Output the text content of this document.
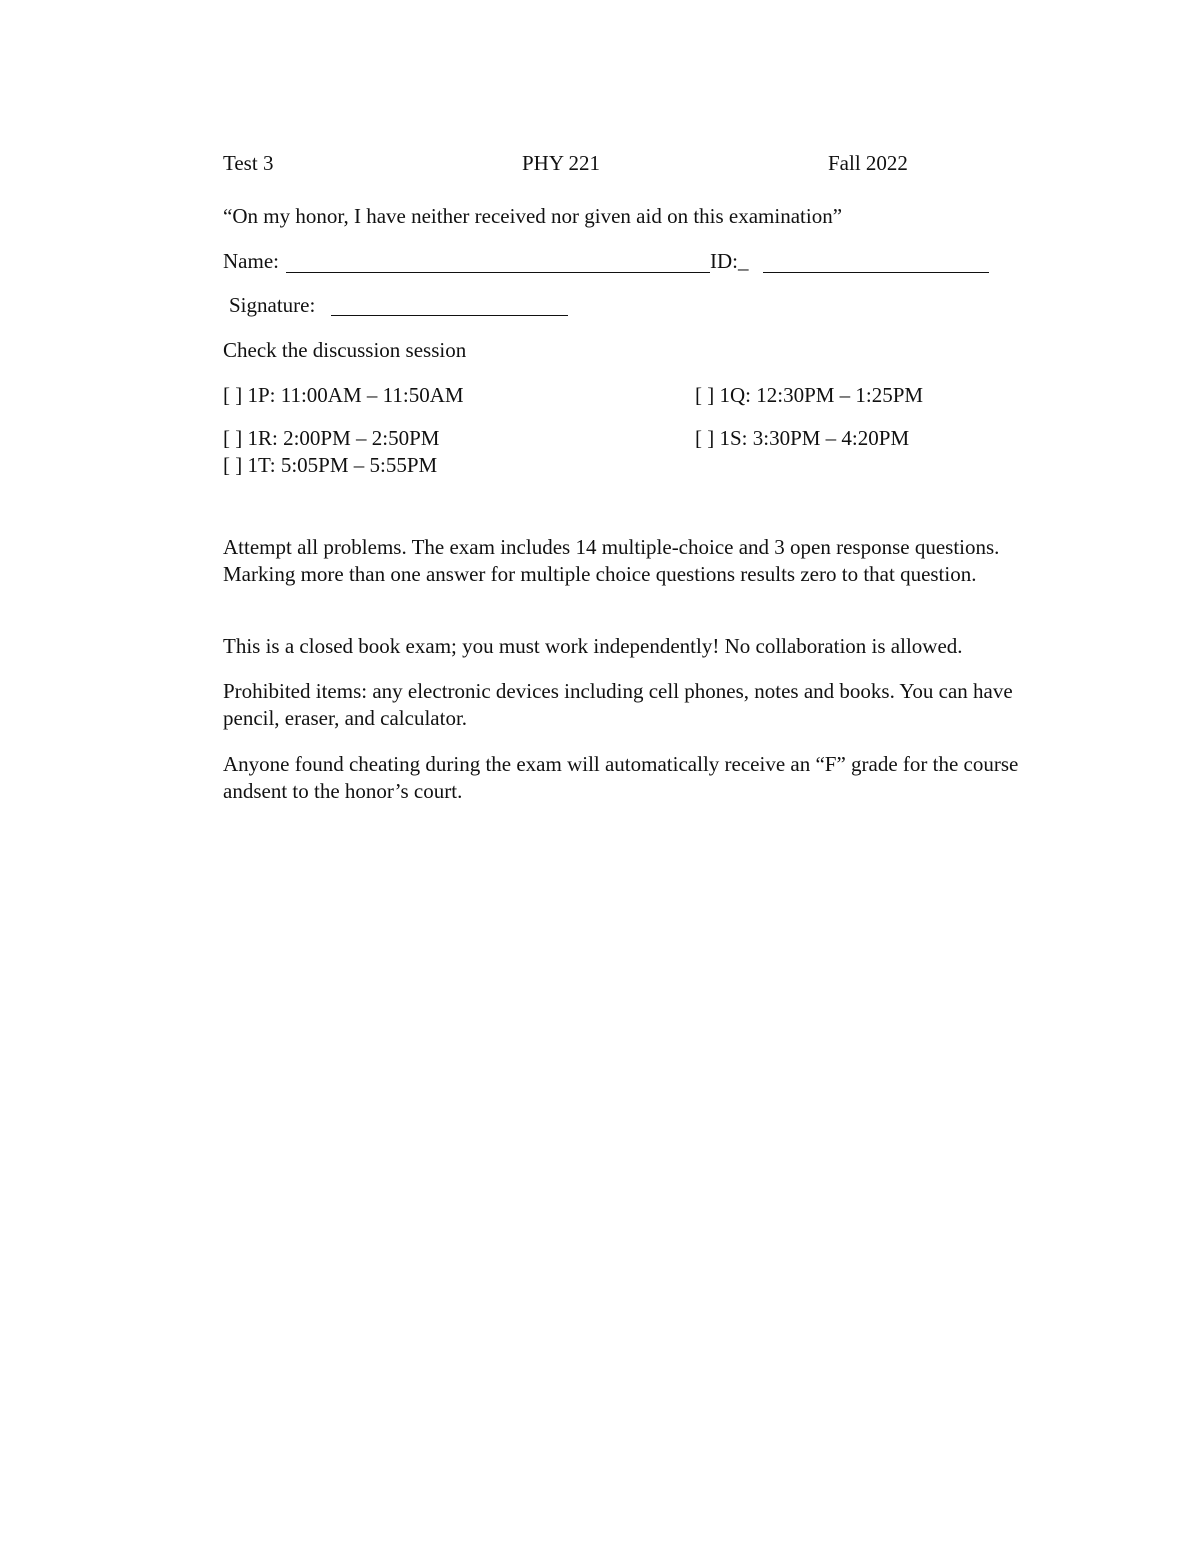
Test 3	PHY 221	Fall 2022
“On my honor, I have neither received nor given aid on this examination”
Name:	ID:_
Signature:
Check the discussion session
[ ] 1P: 11:00AM – 11:50AM	[ ] 1Q: 12:30PM – 1:25PM
[ ] 1R: 2:00PM – 2:50PM	[ ] 1S: 3:30PM – 4:20PM
[ ] 1T: 5:05PM – 5:55PM
Attempt all problems. The exam includes 14 multiple-choice and 3 open response questions. Marking more than one answer for multiple choice questions results zero to that question.
This is a closed book exam; you must work independently! No collaboration is allowed.
Prohibited items: any electronic devices including cell phones, notes and books. You can have pencil, eraser, and calculator.
Anyone found cheating during the exam will automatically receive an “F” grade for the course andsent to the honor’s court.
